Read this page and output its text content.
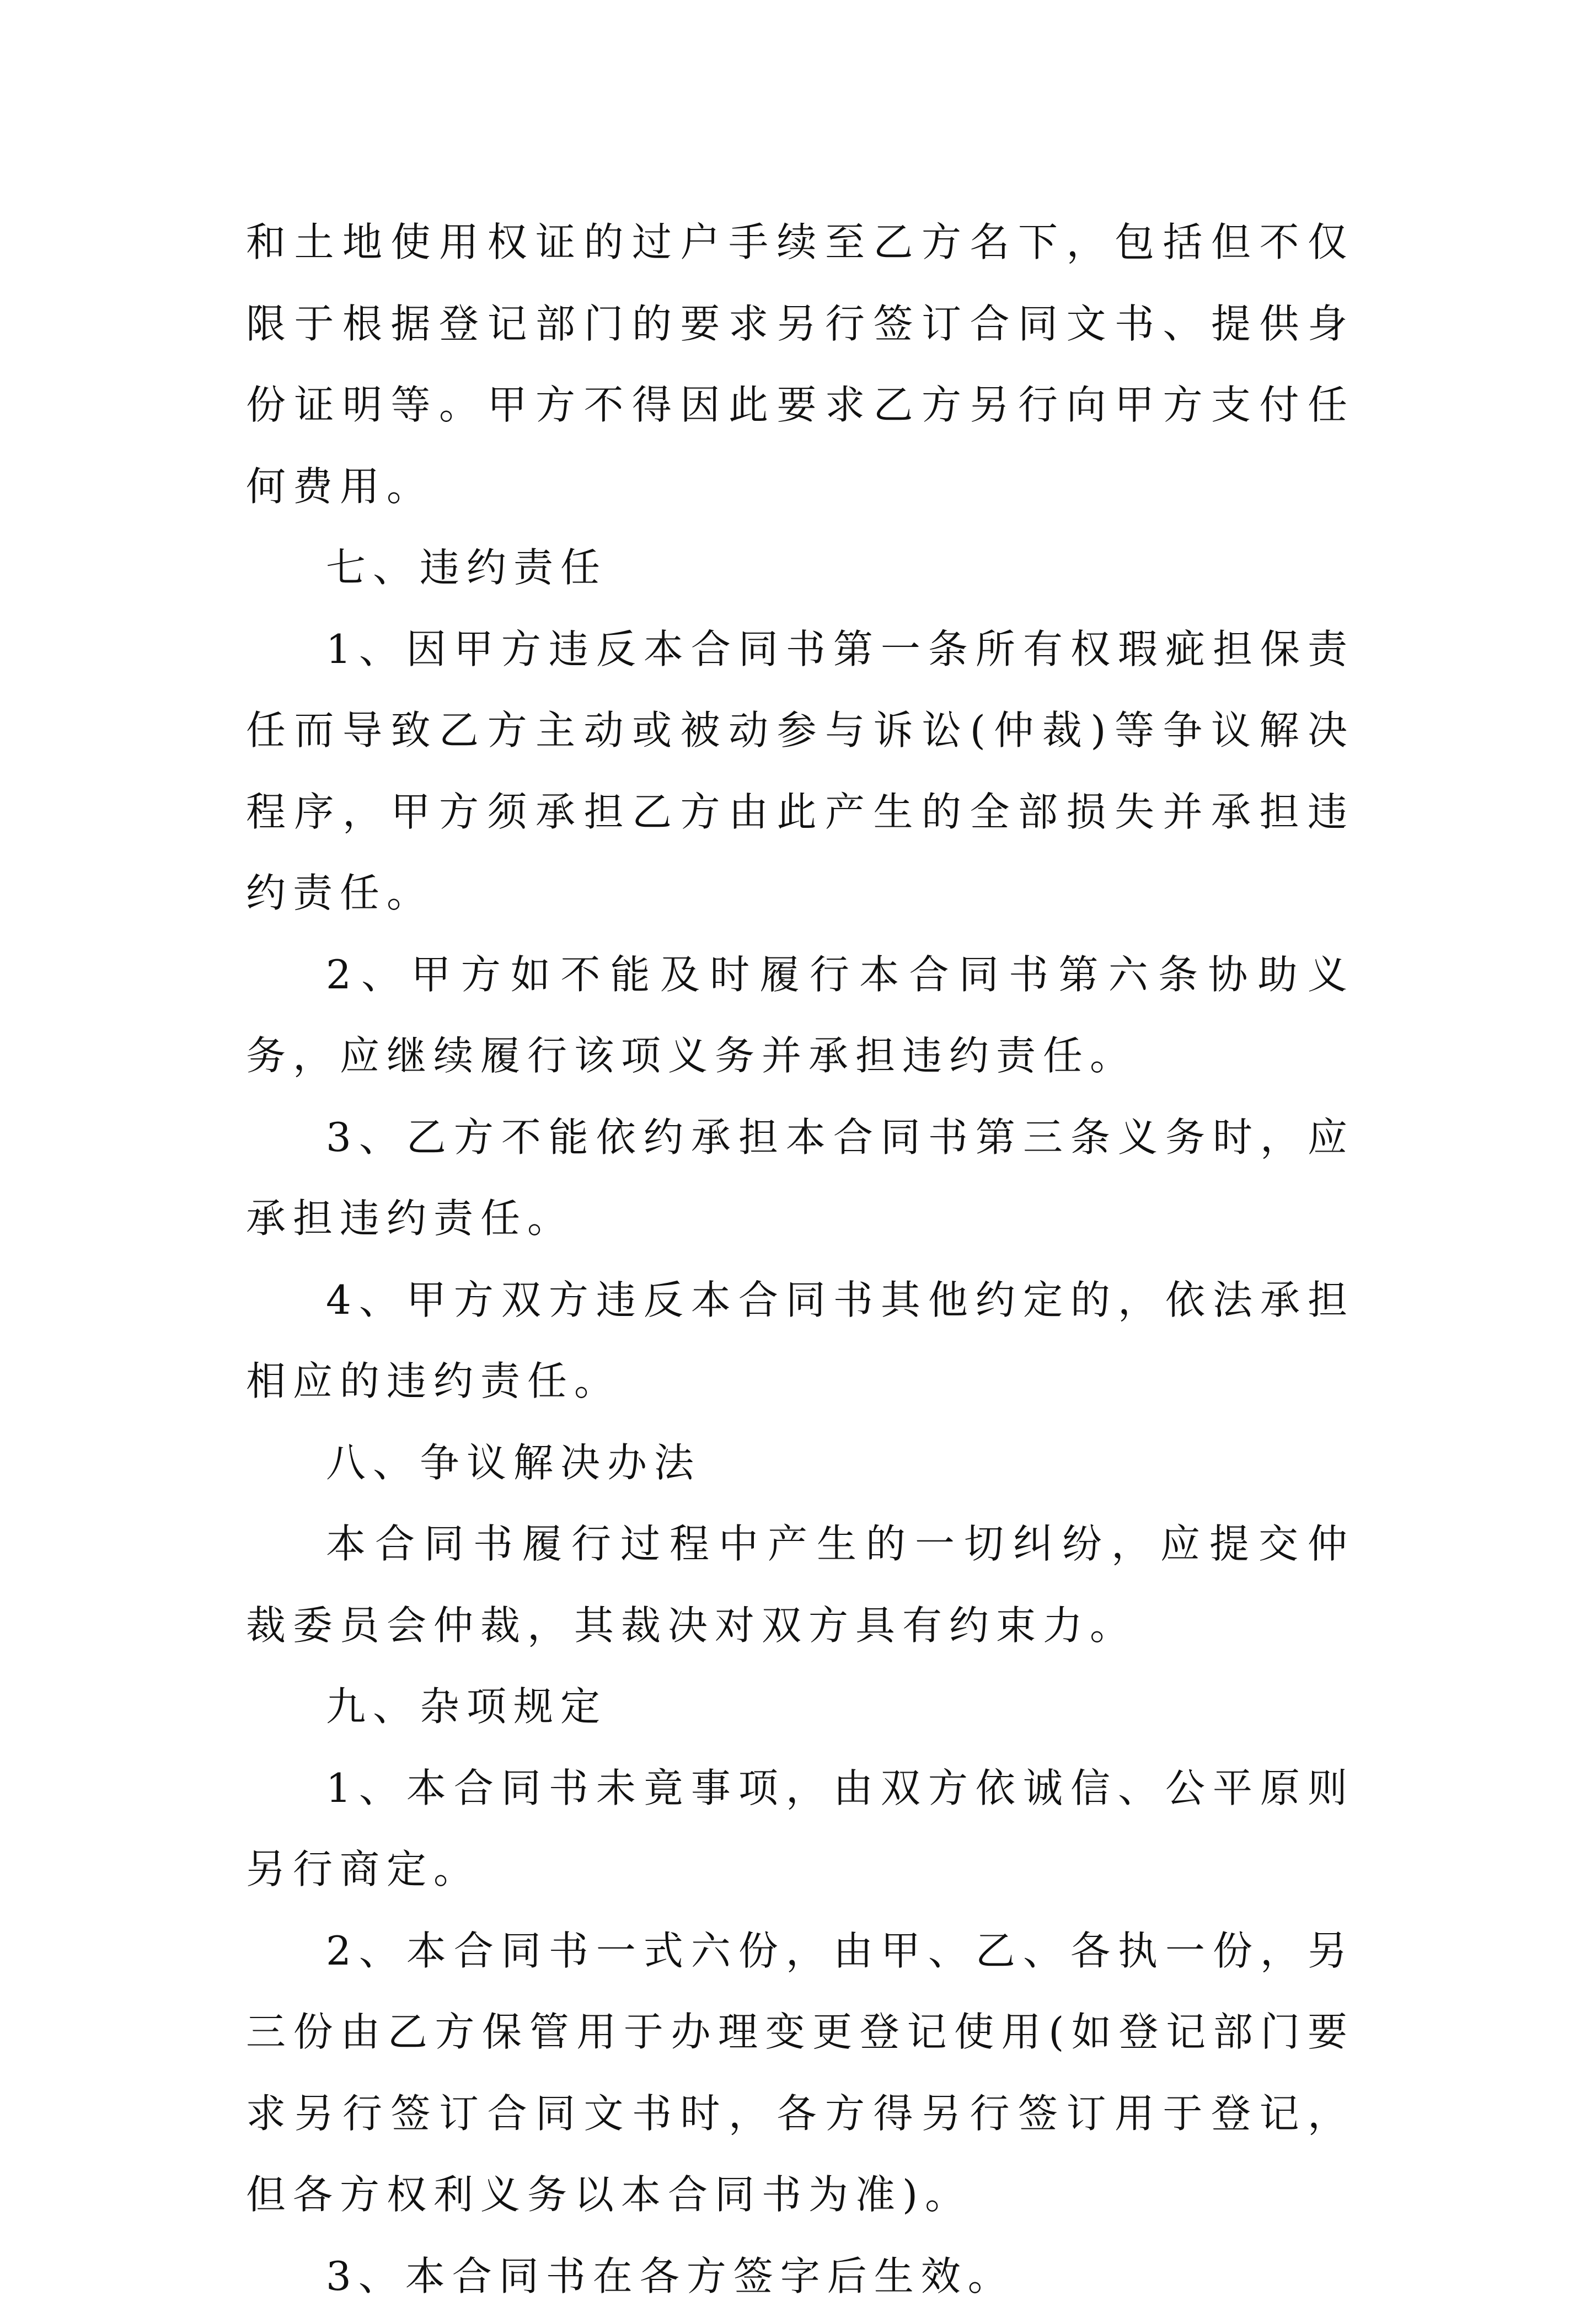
和土地使用权证的过户手续至乙方名下，包括但不仅限于根据登记部门的要求另行签订合同文书、提供身份证明等。甲方不得因此要求乙方另行向甲方支付任何费用。

七、违约责任

1、因甲方违反本合同书第一条所有权瑕疵担保责任而导致乙方主动或被动参与诉讼(仲裁)等争议解决程序，甲方须承担乙方由此产生的全部损失并承担违约责任。

2、甲方如不能及时履行本合同书第六条协助义务，应继续履行该项义务并承担违约责任。

3、乙方不能依约承担本合同书第三条义务时，应承担违约责任。

4、甲方双方违反本合同书其他约定的，依法承担相应的违约责任。

八、争议解决办法

本合同书履行过程中产生的一切纠纷，应提交仲裁委员会仲裁，其裁决对双方具有约束力。

九、杂项规定

1、本合同书未竟事项，由双方依诚信、公平原则另行商定。

2、本合同书一式六份，由甲、乙、各执一份，另三份由乙方保管用于办理变更登记使用(如登记部门要求另行签订合同文书时，各方得另行签订用于登记，但各方权利义务以本合同书为准)。

3、本合同书在各方签字后生效。
